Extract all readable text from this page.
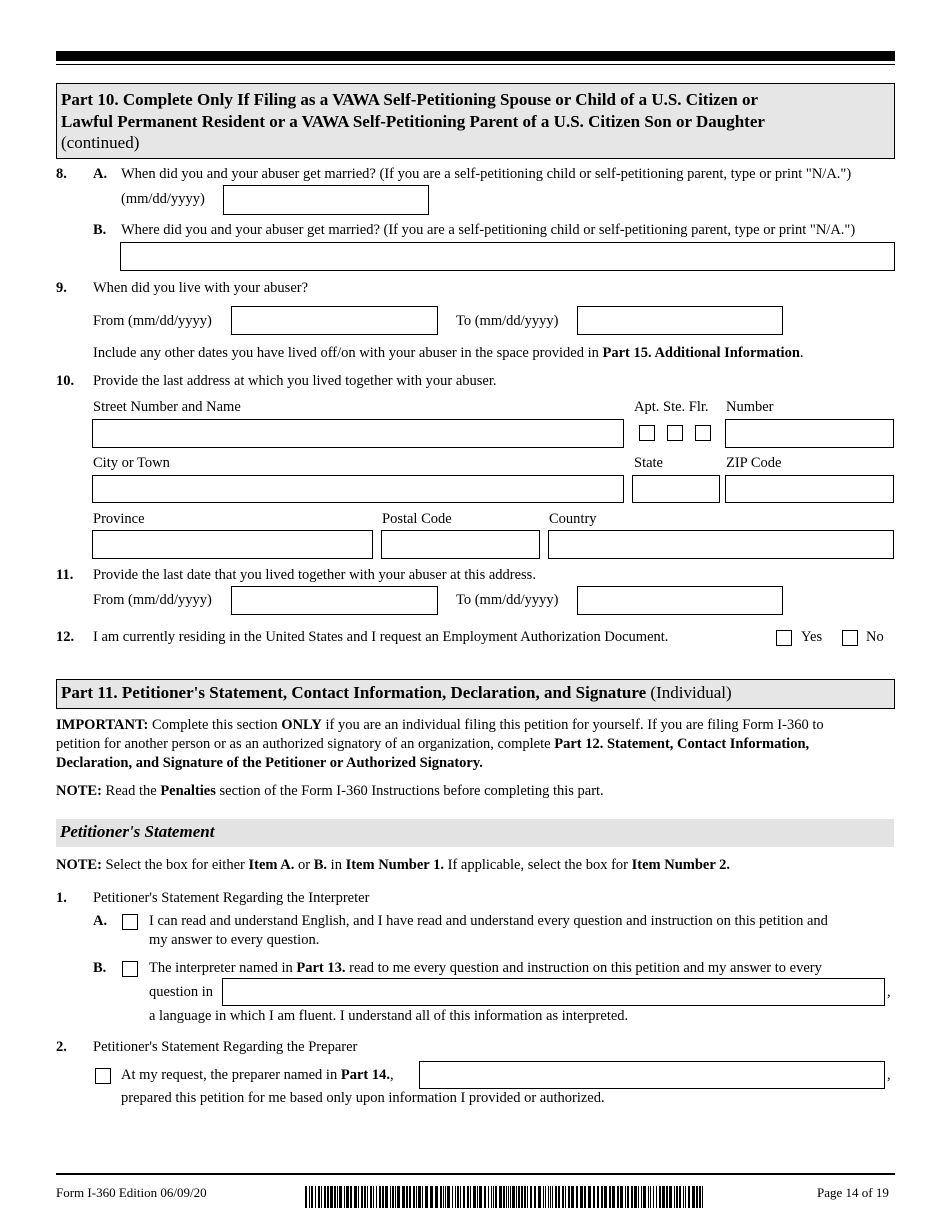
Part 10. Complete Only If Filing as a VAWA Self-Petitioning Spouse or Child of a U.S. Citizen or
Lawful Permanent Resident or a VAWA Self-Petitioning Parent of a U.S. Citizen Son or Daughter
(continued)
8. A. When did you and your abuser get married? (If you are a self-petitioning child or self-petitioning parent, type or print "N/A.")
(mm/dd/yyyy)
B. Where did you and your abuser get married? (If you are a self-petitioning child or self-petitioning parent, type or print "N/A.")
9. When did you live with your abuser?
From (mm/dd/yyyy)	To (mm/dd/yyyy)
Include any other dates you have lived off/on with your abuser in the space provided in Part 15. Additional Information.
10. Provide the last address at which you lived together with your abuser.
Street Number and Name	Apt. Ste. Flr. Number
City or Town	State	ZIP Code
Province	Postal Code	Country
11. Provide the last date that you lived together with your abuser at this address.
From (mm/dd/yyyy)	To (mm/dd/yyyy)
12. I am currently residing in the United States and I request an Employment Authorization Document.	Yes	No
Part 11. Petitioner's Statement, Contact Information, Declaration, and Signature (Individual)
IMPORTANT: Complete this section ONLY if you are an individual filing this petition for yourself. If you are filing Form I-360 to
petition for another person or as an authorized signatory of an organization, complete Part 12. Statement, Contact Information,
Declaration, and Signature of the Petitioner or Authorized Signatory.
NOTE: Read the Penalties section of the Form I-360 Instructions before completing this part.
Petitioner's Statement
NOTE: Select the box for either Item A. or B. in Item Number 1. If applicable, select the box for Item Number 2.
1. Petitioner's Statement Regarding the Interpreter
A.	I can read and understand English, and I have read and understand every question and instruction on this petition and
my answer to every question.
B.	The interpreter named in Part 13. read to me every question and instruction on this petition and my answer to every
question in	,
a language in which I am fluent. I understand all of this information as interpreted.
2. Petitioner's Statement Regarding the Preparer
At my request, the preparer named in Part 14.,	,
prepared this petition for me based only upon information I provided or authorized.
Form I-360 Edition 06/09/20	Page 14 of 19
